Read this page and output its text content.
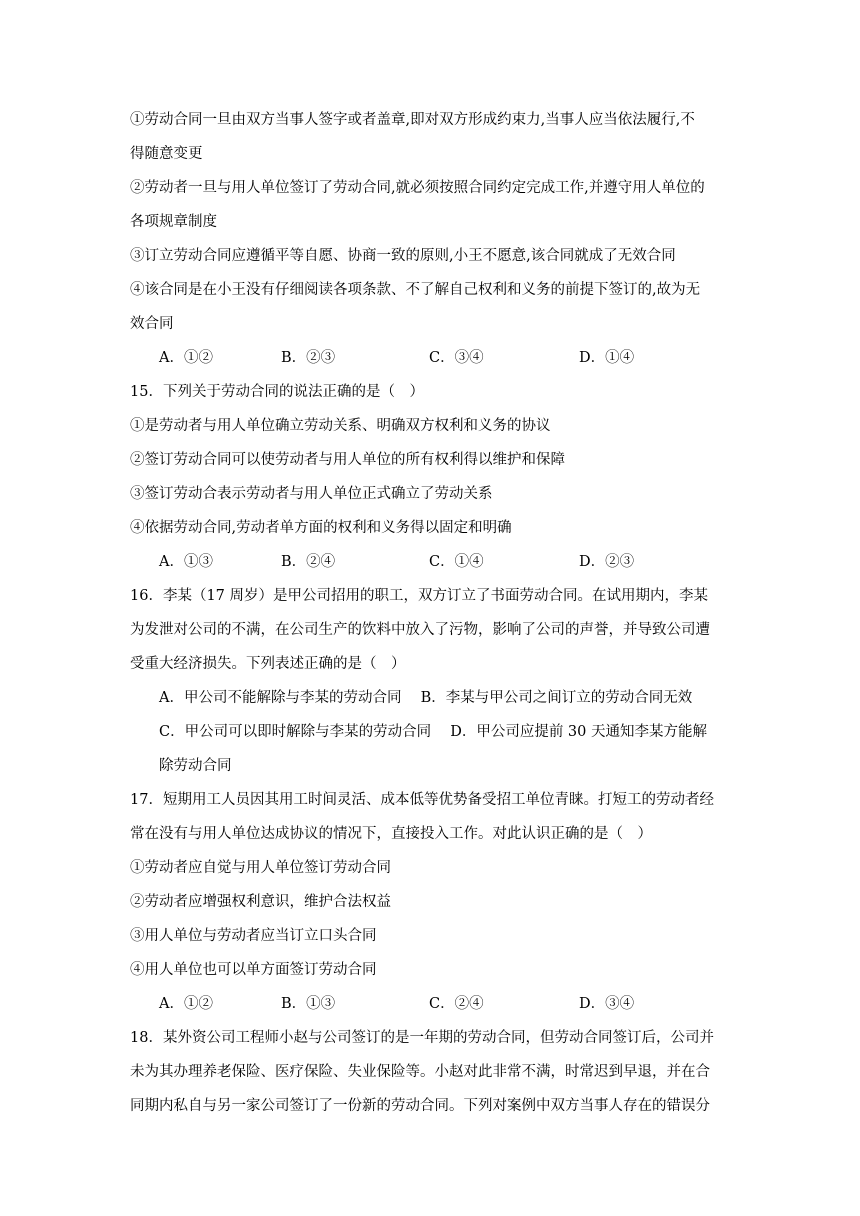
①劳动合同一旦由双方当事人签字或者盖章,即对双方形成约束力,当事人应当依法履行,不
得随意变更
②劳动者一旦与用人单位签订了劳动合同,就必须按照合同约定完成工作,并遵守用人单位的
各项规章制度
③订立劳动合同应遵循平等自愿、协商一致的原则,小王不愿意,该合同就成了无效合同
④该合同是在小王没有仔细阅读各项条款、不了解自己权利和义务的前提下签订的,故为无
效合同
A．①②	B．②③	C．③④	D．①④
15．下列关于劳动合同的说法正确的是（　）
①是劳动者与用人单位确立劳动关系、明确双方权利和义务的协议
②签订劳动合同可以使劳动者与用人单位的所有权利得以维护和保障
③签订劳动合表示劳动者与用人单位正式确立了劳动关系
④依据劳动合同,劳动者单方面的权利和义务得以固定和明确
A．①③	B．②④	C．①④	D．②③
16．李某（17 周岁）是甲公司招用的职工，双方订立了书面劳动合同。在试用期内，李某
为发泄对公司的不满，在公司生产的饮料中放入了污物，影响了公司的声誉，并导致公司遭
受重大经济损失。下列表述正确的是（　）
A．甲公司不能解除与李某的劳动合同　 B．李某与甲公司之间订立的劳动合同无效
C．甲公司可以即时解除与李某的劳动合同　 D．甲公司应提前 30 天通知李某方能解
除劳动合同
17．短期用工人员因其用工时间灵活、成本低等优势备受招工单位青睐。打短工的劳动者经
常在没有与用人单位达成协议的情况下，直接投入工作。对此认识正确的是（　）
①劳动者应自觉与用人单位签订劳动合同
②劳动者应增强权利意识，维护合法权益
③用人单位与劳动者应当订立口头合同
④用人单位也可以单方面签订劳动合同
A．①②	B．①③	C．②④	D．③④
18．某外资公司工程师小赵与公司签订的是一年期的劳动合同，但劳动合同签订后，公司并
未为其办理养老保险、医疗保险、失业保险等。小赵对此非常不满，时常迟到早退，并在合
同期内私自与另一家公司签订了一份新的劳动合同。下列对案例中双方当事人存在的错误分
